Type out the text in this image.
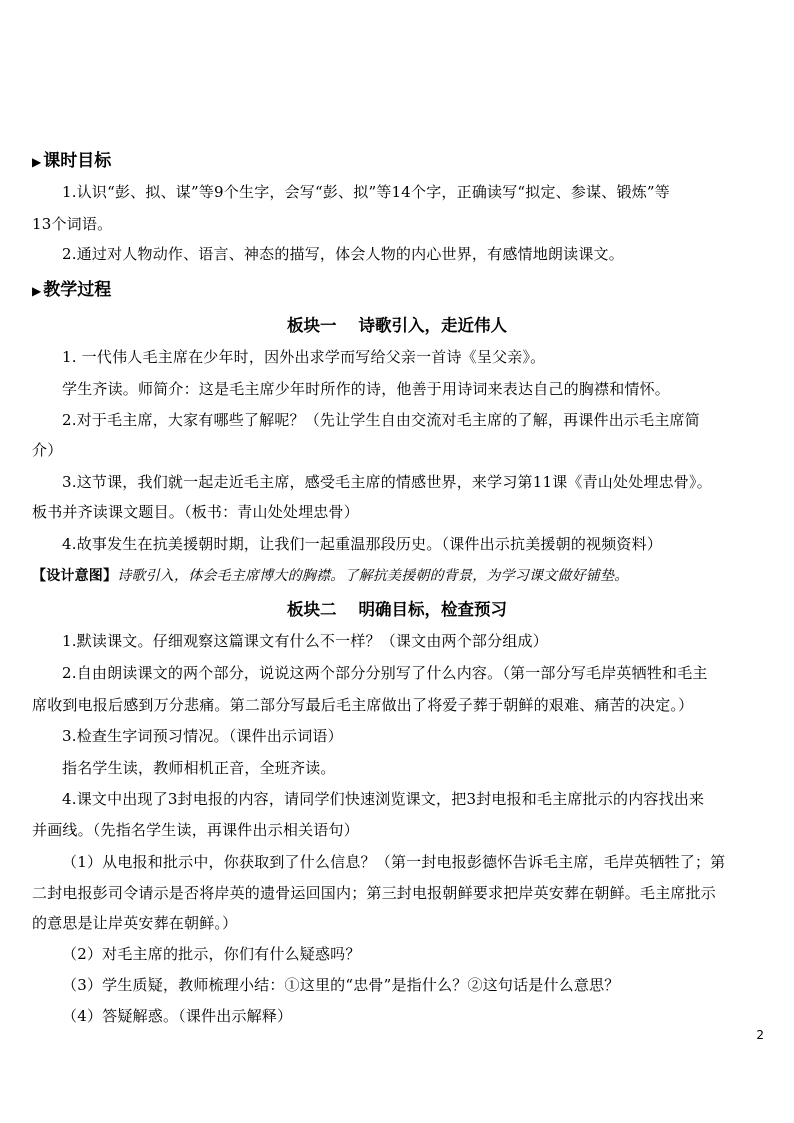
▶ 课时目标
1.认识“彭、拟、谋”等9个生字，会写“彭、拟”等14个字，正确读写“拟定、参谋、锻炼”等
13个词语。
2.通过对人物动作、语言、神态的描写，体会人物的内心世界，有感情地朗读课文。
▶ 教学过程
板块一 诗歌引入，走近伟人
1. 一代伟人毛主席在少年时，因外出求学而写给父亲一首诗《呈父亲》。
学生齐读。师简介：这是毛主席少年时所作的诗，他善于用诗词来表达自己的胸襟和情怀。
2.对于毛主席，大家有哪些了解呢？（先让学生自由交流对毛主席的了解，再课件出示毛主席简
介）
3.这节课，我们就一起走近毛主席，感受毛主席的情感世界，来学习第11课《青山处处埋忠骨》。
板书并齐读课文题目。（板书：青山处处埋忠骨）
4.故事发生在抗美援朝时期，让我们一起重温那段历史。（课件出示抗美援朝的视频资料）
【设计意图】诗歌引入，体会毛主席博大的胸襟。了解抗美援朝的背景，为学习课文做好铺垫。
板块二 明确目标，检查预习
1.默读课文。仔细观察这篇课文有什么不一样？（课文由两个部分组成）
2.自由朗读课文的两个部分，说说这两个部分分别写了什么内容。（第一部分写毛岸英牺牲和毛主
席收到电报后感到万分悲痛。第二部分写最后毛主席做出了将爱子葬于朝鲜的艰难、痛苦的决定。）
3.检查生字词预习情况。（课件出示词语）
指名学生读，教师相机正音，全班齐读。
4.课文中出现了3封电报的内容，请同学们快速浏览课文，把3封电报和毛主席批示的内容找出来
并画线。（先指名学生读，再课件出示相关语句）
（1）从电报和批示中，你获取到了什么信息？（第一封电报彭德怀告诉毛主席，毛岸英牺牲了；第
二封电报彭司令请示是否将岸英的遗骨运回国内；第三封电报朝鲜要求把岸英安葬在朝鲜。毛主席批示
的意思是让岸英安葬在朝鲜。）
（2）对毛主席的批示，你们有什么疑惑吗？
（3）学生质疑，教师梳理小结：①这里的“忠骨”是指什么？②这句话是什么意思？
（4）答疑解惑。（课件出示解释）
2
